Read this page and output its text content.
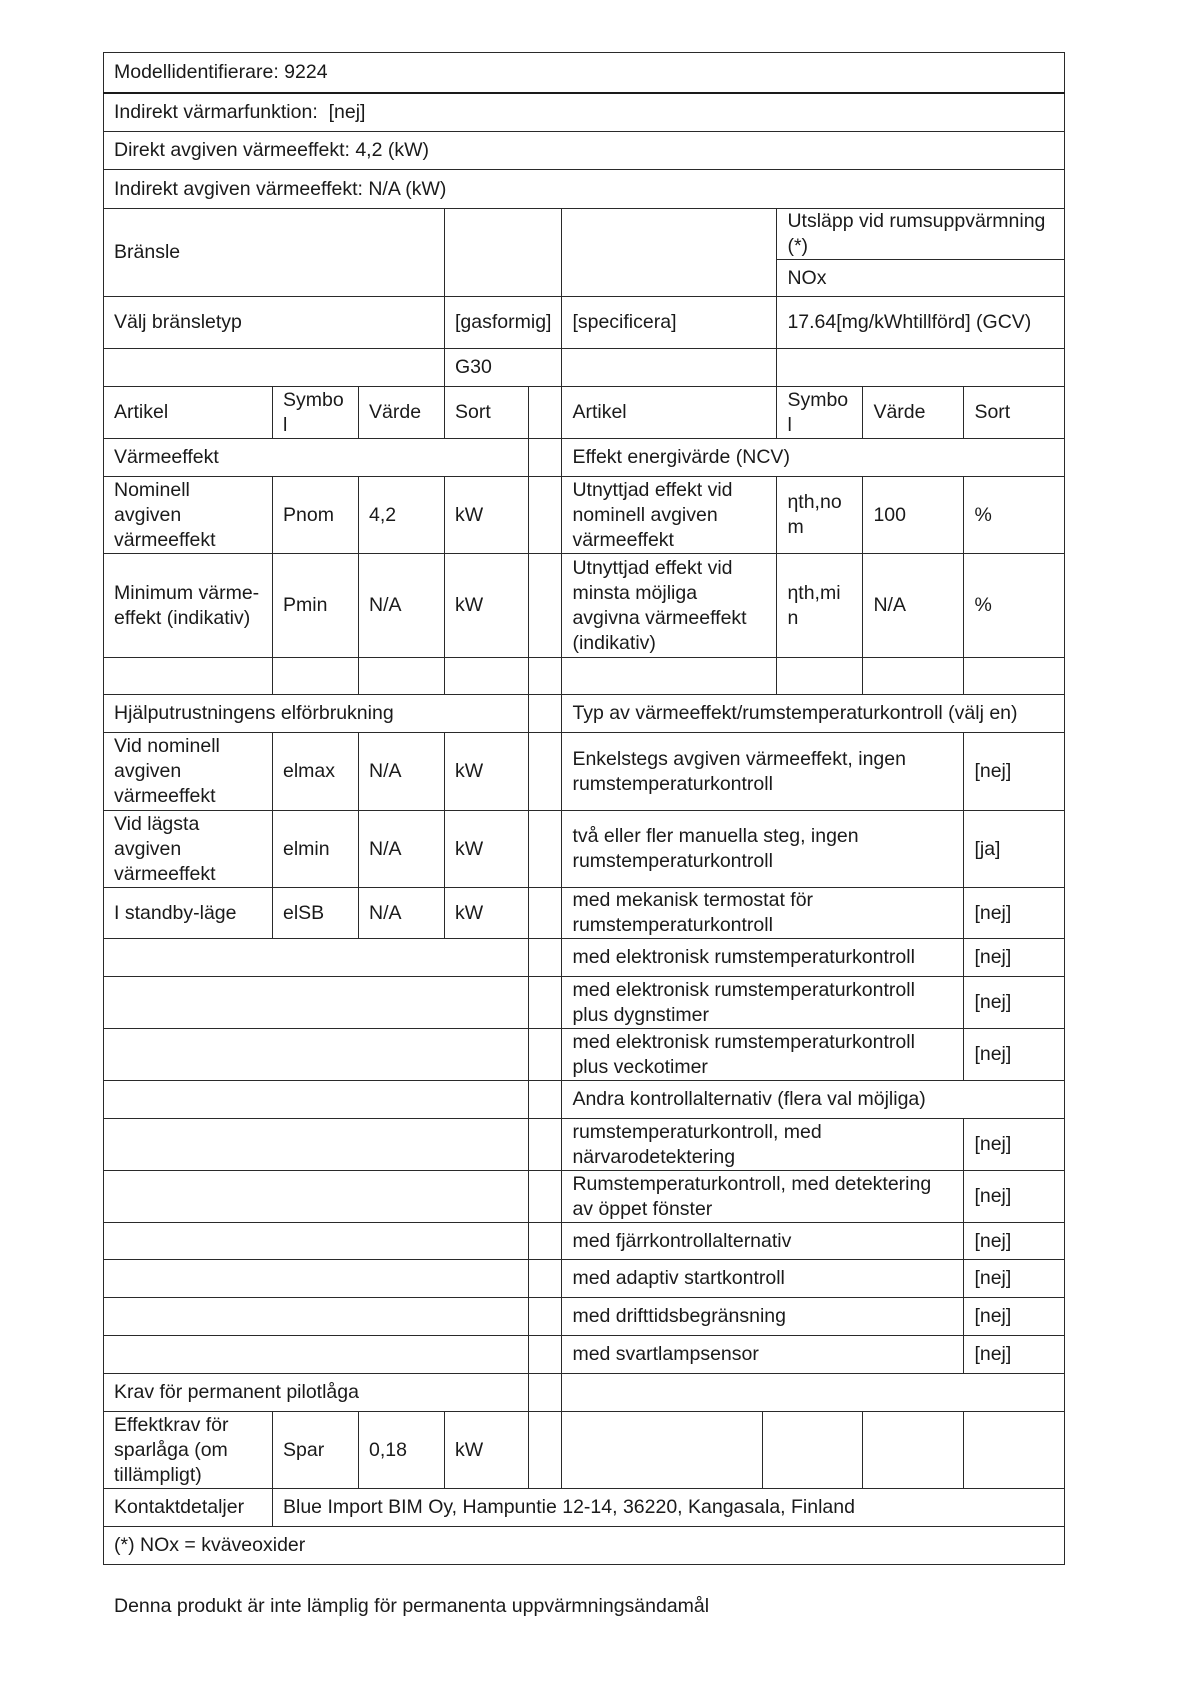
Modellidentifierare: 9224									
Indirekt värmarfunktion: [nej]									
Direkt avgiven värmeeffekt: 4,2 (kW)									
Indirekt avgiven värmeeffekt: N/A (kW)									
Bränsle							Utsläpp vid rumsuppvärmning (*)		
							NOx		
Välj bränsletyp			[gasformig]		[specificera]		17.64[mg/kWhtillförd] (GCV)		
			G30						
Artikel	Symbo l	Värde	Sort		Artikel		Symbo l	Värde	Sort
Värmeeffekt					Effekt energivärde (NCV)				
Nominell avgiven värmeeffekt	Pnom	4,2	kW		Utnyttjad effekt vid nominell avgiven värmeeffekt		ηth,no m	100	%
Minimum värme- effekt (indikativ)	Pmin	N/A	kW		Utnyttjad effekt vid minsta möjliga avgivna värmeeffekt (indikativ)		ηth,mi n	N/A	%

Hjälputrustningens elförbrukning					Typ av värmeeffekt/rumstemperaturkontroll (välj en)				
Vid nominell avgiven värmeeffekt	elmax	N/A	kW		Enkelstegs avgiven värmeeffekt, ingen rumstemperaturkontroll				[nej]
Vid lägsta avgiven värmeeffekt	elmin	N/A	kW		två eller fler manuella steg, ingen rumstemperaturkontroll				[ja]
I standby-läge	elSB	N/A	kW		med mekanisk termostat för rumstemperaturkontroll				[nej]
					med elektronisk rumstemperaturkontroll				[nej]
					med elektronisk rumstemperaturkontroll plus dygnstimer				[nej]
					med elektronisk rumstemperaturkontroll plus veckotimer				[nej]
					Andra kontrollalternativ (flera val möjliga)				
					rumstemperaturkontroll, med närvarodetektering				[nej]
					Rumstemperaturkontroll, med detektering av öppet fönster				[nej]
					med fjärrkontrollalternativ				[nej]
					med adaptiv startkontroll				[nej]
					med drifttidsbegränsning				[nej]
					med svartlampsensor				[nej]
Krav för permanent pilotlåga									
Effektkrav för sparlåga (om tillämpligt)	Spar	0,18	kW						
Kontaktdetaljer	Blue Import BIM Oy, Hampuntie 12-14, 36220, Kangasala, Finland								
(*) NOx = kväveoxider									
Denna produkt är inte lämplig för permanenta uppvärmningsändamål
